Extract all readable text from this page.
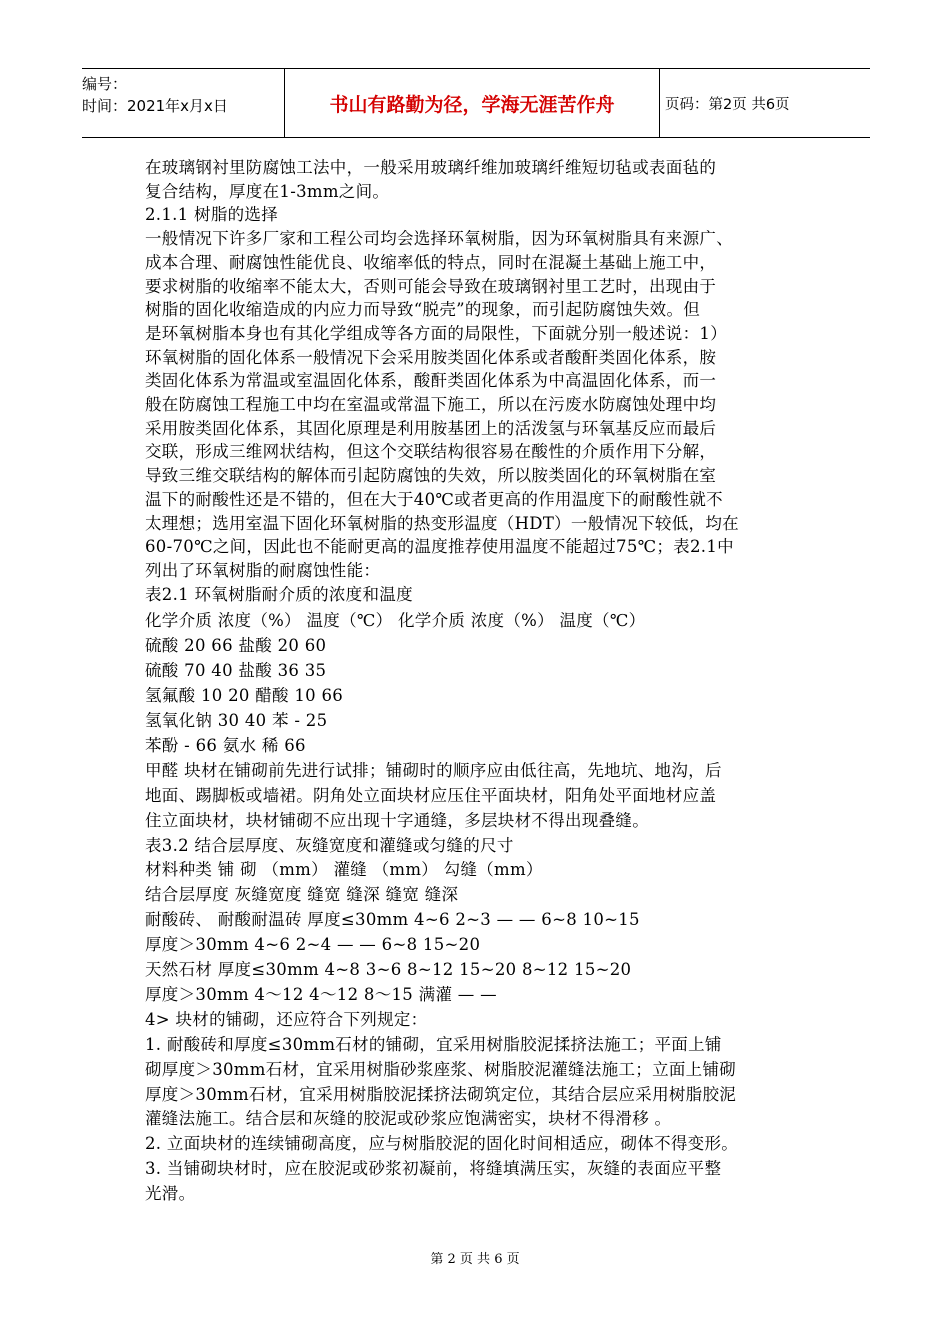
编号：
时间：2021年x月x日	书山有路勤为径，学海无涯苦作舟	页码：第2页 共6页
在玻璃钢衬里防腐蚀工法中，一般采用玻璃纤维加玻璃纤维短切毡或表面毡的
复合结构，厚度在1-3mm之间。
2.1.1 树脂的选择
一般情况下许多厂家和工程公司均会选择环氧树脂，因为环氧树脂具有来源广、
成本合理、耐腐蚀性能优良、收缩率低的特点，同时在混凝土基础上施工中，
要求树脂的收缩率不能太大，否则可能会导致在玻璃钢衬里工艺时，出现由于
树脂的固化收缩造成的内应力而导致“脱壳”的现象，而引起防腐蚀失效。但
是环氧树脂本身也有其化学组成等各方面的局限性，下面就分别一般述说：1）
环氧树脂的固化体系一般情况下会采用胺类固化体系或者酸酐类固化体系，胺
类固化体系为常温或室温固化体系，酸酐类固化体系为中高温固化体系，而一
般在防腐蚀工程施工中均在室温或常温下施工，所以在污废水防腐蚀处理中均
采用胺类固化体系，其固化原理是利用胺基团上的活泼氢与环氧基反应而最后
交联，形成三维网状结构，但这个交联结构很容易在酸性的介质作用下分解，
导致三维交联结构的解体而引起防腐蚀的失效，所以胺类固化的环氧树脂在室
温下的耐酸性还是不错的，但在大于40℃或者更高的作用温度下的耐酸性就不
太理想；选用室温下固化环氧树脂的热变形温度（HDT）一般情况下较低，均在
60-70℃之间，因此也不能耐更高的温度推荐使用温度不能超过75℃；表2.1中
列出了环氧树脂的耐腐蚀性能：
表2.1 环氧树脂耐介质的浓度和温度
化学介质 浓度（%） 温度（℃） 化学介质 浓度（%） 温度（℃）
硫酸 20 66 盐酸 20 60
硫酸 70 40 盐酸 36 35
氢氟酸 10 20 醋酸 10 66
氢氧化钠 30 40 苯 - 25
苯酚 - 66 氨水 稀 66
甲醛 块材在铺砌前先进行试排；铺砌时的顺序应由低往高，先地坑、地沟，后
地面、踢脚板或墙裙。阴角处立面块材应压住平面块材，阳角处平面地材应盖
住立面块材，块材铺砌不应出现十字通缝，多层块材不得出现叠缝。
表3.2 结合层厚度、灰缝宽度和灌缝或匀缝的尺寸
材料种类 铺 砌 （mm） 灌缝 （mm） 勾缝（mm）
结合层厚度 灰缝宽度 缝宽 缝深 缝宽 缝深
耐酸砖、 耐酸耐温砖 厚度≤30mm 4~6 2~3 — — 6~8 10~15
厚度＞30mm 4~6 2~4 — — 6~8 15~20
天然石材 厚度≤30mm 4~8 3~6 8~12 15~20 8~12 15~20
厚度＞30mm 4～12 4～12 8～15 满灌 — —
4> 块材的铺砌，还应符合下列规定：
1. 耐酸砖和厚度≤30mm石材的铺砌，宜采用树脂胶泥揉挤法施工；平面上铺
砌厚度＞30mm石材，宜采用树脂砂浆座浆、树脂胶泥灌缝法施工；立面上铺砌
厚度＞30mm石材，宜采用树脂胶泥揉挤法砌筑定位，其结合层应采用树脂胶泥
灌缝法施工。结合层和灰缝的胶泥或砂浆应饱满密实，块材不得滑移 。
2. 立面块材的连续铺砌高度，应与树脂胶泥的固化时间相适应，砌体不得变形。
3. 当铺砌块材时，应在胶泥或砂浆初凝前，将缝填满压实，灰缝的表面应平整
光滑。
第 2 页 共 6 页
